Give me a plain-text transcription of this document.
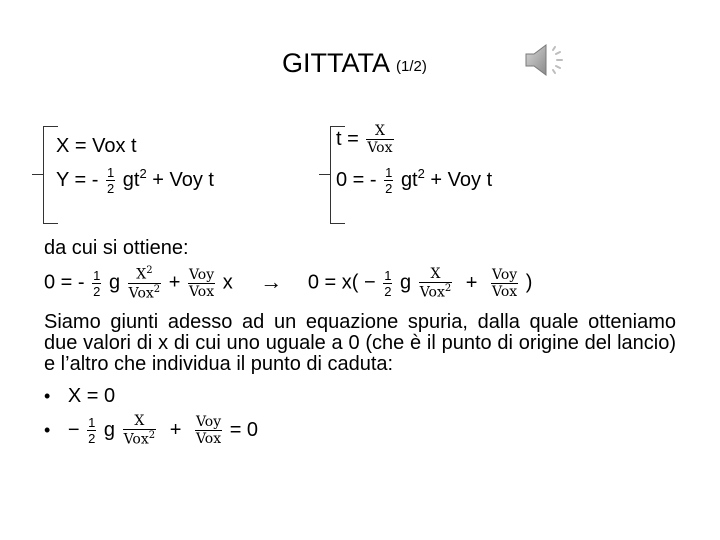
GITTATA (1/2)
X = Vox t
Y = - $\frac{1}{2} gt^2$ + Voy t
$t = \frac{X}{\text{Vox}}$
0 = - $\frac{1}{2} gt^2$ + Voy t
da cui si ottiene:
0 = - $\frac{1}{2}$ g $\frac{X^2}{Vox^2} + \frac{\text{Voy}}{\text{Vox}}$ $x \to 0 = x( - \frac{1}{2}$ g $\frac{X}{Vox^2} + \frac{\text{Voy}}{\text{Vox}}$ )
Siamo giunti adesso ad un equazione spuria, dalla quale otteniamo due valori di x di cui uno uguale a 0 (che è il punto di origine del lancio) e l’altro che individua il punto di caduta:
• X = 0
• − $\frac{1}{2}$ g $\frac{X}{Vox^2} + \frac{\text{Voy}}{\text{Vox}} = 0$
